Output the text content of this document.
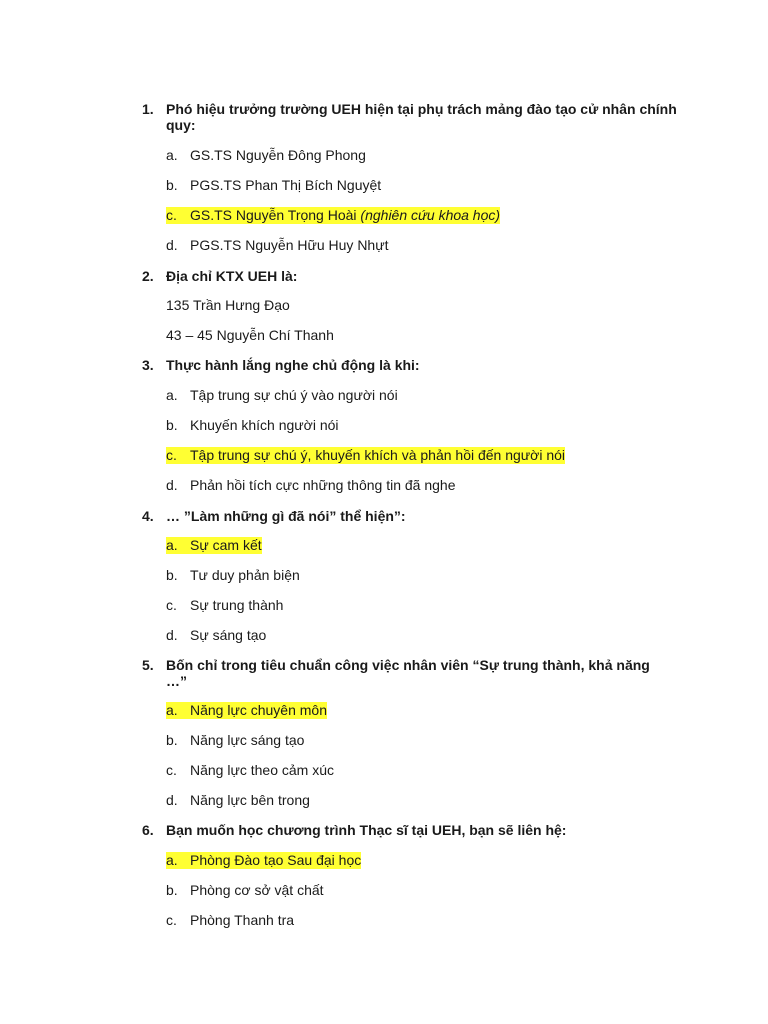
1. Phó hiệu trưởng trường UEH hiện tại phụ trách mảng đào tạo cử nhân chính quy:
a. GS.TS Nguyễn Đông Phong
b. PGS.TS Phan Thị Bích Nguyệt
c. GS.TS Nguyễn Trọng Hoài (nghiên cứu khoa học)
d. PGS.TS Nguyễn Hữu Huy Nhựt
2. Địa chỉ KTX UEH là:
135 Trần Hưng Đạo
43 – 45 Nguyễn Chí Thanh
3. Thực hành lắng nghe chủ động là khi:
a. Tập trung sự chú ý vào người nói
b. Khuyến khích người nói
c. Tập trung sự chú ý, khuyến khích và phản hồi đến người nói
d. Phản hồi tích cực những thông tin đã nghe
4. … ”Làm những gì đã nói” thể hiện”:
a. Sự cam kết
b. Tư duy phản biện
c. Sự trung thành
d. Sự sáng tạo
5. Bốn chỉ trong tiêu chuẩn công việc nhân viên “Sự trung thành, khả năng …”
a. Năng lực chuyên môn
b. Năng lực sáng tạo
c. Năng lực theo cảm xúc
d. Năng lực bên trong
6. Bạn muốn học chương trình Thạc sĩ tại UEH, bạn sẽ liên hệ:
a. Phòng Đào tạo Sau đại học
b. Phòng cơ sở vật chất
c. Phòng Thanh tra
